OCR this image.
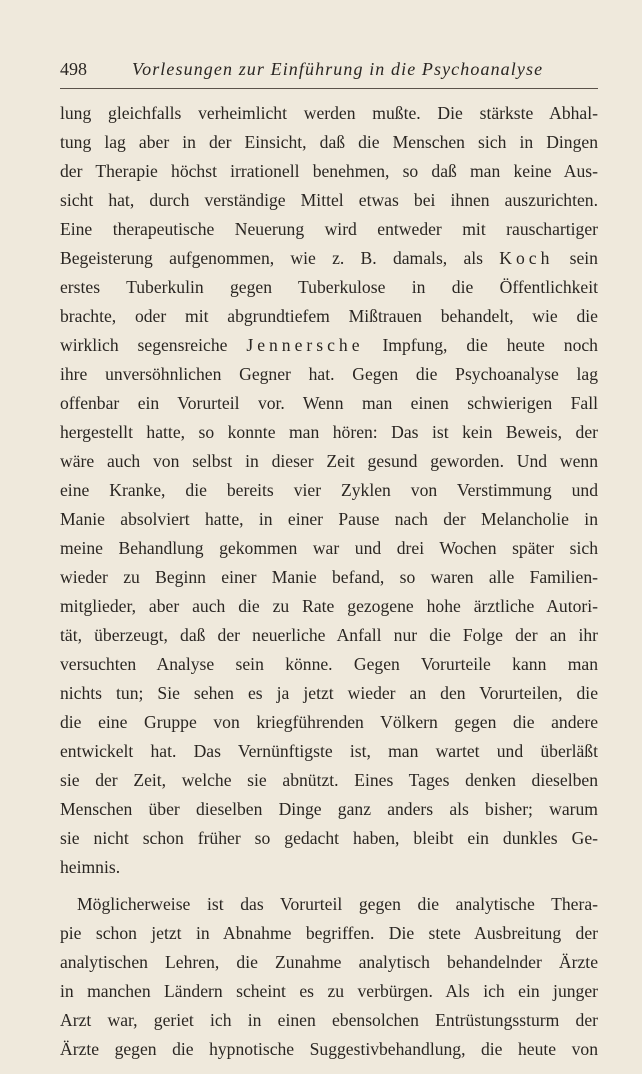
498	Vorlesungen zur Einführung in die Psychoanalyse
lung gleichfalls verheimlicht werden mußte. Die stärkste Abhal-
tung lag aber in der Einsicht, daß die Menschen sich in Dingen
der Therapie höchst irrationell benehmen, so daß man keine Aus-
sicht hat, durch verständige Mittel etwas bei ihnen auszurichten.
Eine therapeutische Neuerung wird entweder mit rauschartiger
Begeisterung aufgenommen, wie z. B. damals, als Koch sein
erstes Tuberkulin gegen Tuberkulose in die Öffentlichkeit
brachte, oder mit abgrundtiefem Mißtrauen behandelt, wie die
wirklich segensreiche Jennersche Impfung, die heute noch
ihre unversöhnlichen Gegner hat. Gegen die Psychoanalyse lag
offenbar ein Vorurteil vor. Wenn man einen schwierigen Fall
hergestellt hatte, so konnte man hören: Das ist kein Beweis, der
wäre auch von selbst in dieser Zeit gesund geworden. Und wenn
eine Kranke, die bereits vier Zyklen von Verstimmung und
Manie absolviert hatte, in einer Pause nach der Melancholie in
meine Behandlung gekommen war und drei Wochen später sich
wieder zu Beginn einer Manie befand, so waren alle Familien-
mitglieder, aber auch die zu Rate gezogene hohe ärztliche Autori-
tät, überzeugt, daß der neuerliche Anfall nur die Folge der an ihr
versuchten Analyse sein könne. Gegen Vorurteile kann man
nichts tun; Sie sehen es ja jetzt wieder an den Vorurteilen, die
die eine Gruppe von kriegführenden Völkern gegen die andere
entwickelt hat. Das Vernünftigste ist, man wartet und überläßt
sie der Zeit, welche sie abnützt. Eines Tages denken dieselben
Menschen über dieselben Dinge ganz anders als bisher; warum
sie nicht schon früher so gedacht haben, bleibt ein dunkles Ge-
heimnis.
Möglicherweise ist das Vorurteil gegen die analytische Thera-
pie schon jetzt in Abnahme begriffen. Die stete Ausbreitung der
analytischen Lehren, die Zunahme analytisch behandelnder Ärzte
in manchen Ländern scheint es zu verbürgen. Als ich ein junger
Arzt war, geriet ich in einen ebensolchen Entrüstungssturm der
Ärzte gegen die hypnotische Suggestivbehandlung, die heute von
